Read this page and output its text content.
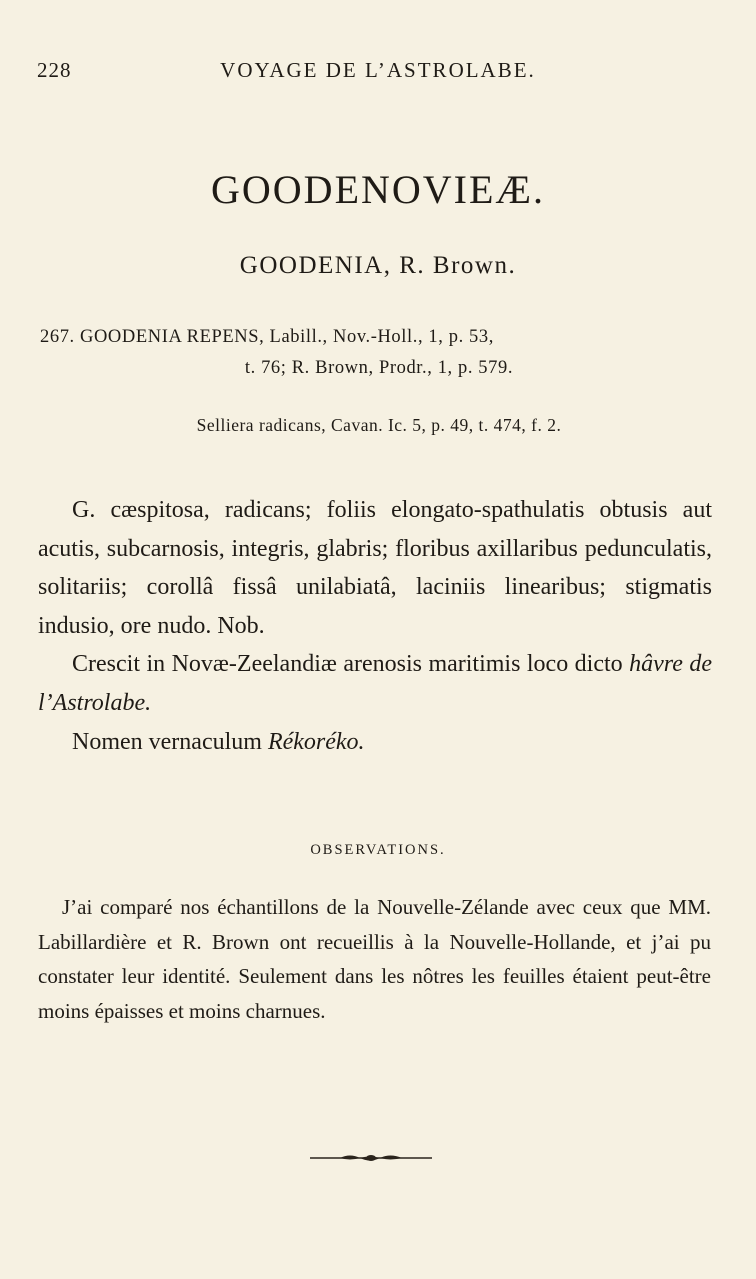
228	VOYAGE DE L’ASTROLABE.
GOODENOVIEÆ.
GOODENIA, R. Brown.
267. GOODENIA REPENS, Labill., Nov.-Holl., 1, p. 53,
t. 76; R. Brown, Prodr., 1, p. 579.
Selliera radicans, Cavan. Ic. 5, p. 49, t. 474, f. 2.

G. cæspitosa, radicans; foliis elongato-spathulatis obtusis aut acutis, subcarnosis, integris, glabris; floribus axillaribus pedunculatis, solitariis; corollâ fissâ unilabiatâ, laciniis linearibus; stigmatis indusio, ore nudo. Nob.

Crescit in Novæ-Zeelandiæ arenosis maritimis loco dicto hâvre de l’Astrolabe.

Nomen vernaculum Rékoréko.

OBSERVATIONS.

J’ai comparé nos échantillons de la Nouvelle-Zélande avec ceux que MM. Labillardière et R. Brown ont recueillis à la Nouvelle-Hollande, et j’ai pu constater leur identité. Seulement dans les nôtres les feuilles étaient peut-être moins épaisses et moins charnues.
